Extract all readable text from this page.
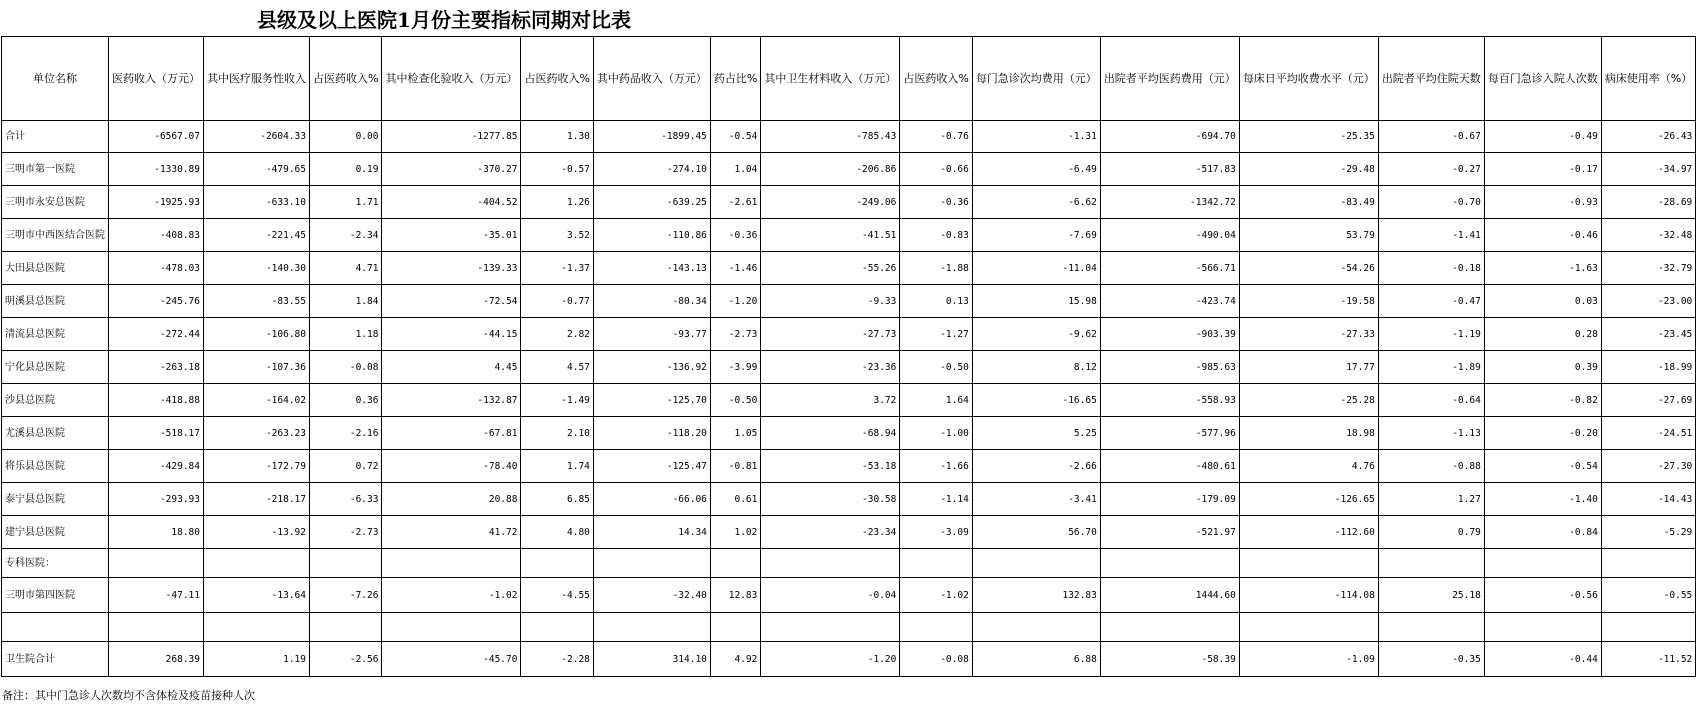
县级及以上医院1月份主要指标同期对比表
单位名称	医药收入（万元）	其中医疗服务性收入	占医药收入%	其中检查化验收入（万元）	占医药收入%	其中药品收入（万元）	药占比%	其中卫生材料收入（万元）	占医药收入%	每门急诊次均费用（元）	出院者平均医药费用（元）	每床日平均收费水平（元）	出院者平均住院天数	每百门急诊入院人次数	病床使用率（%）
合计	-6567.07	-2604.33	0.00	-1277.85	1.30	-1899.45	-0.54	-785.43	-0.76	-1.31	-694.70	-25.35	-0.67	-0.49	-26.43
三明市第一医院	-1330.89	-479.65	0.19	-370.27	-0.57	-274.10	1.04	-206.86	-0.66	-6.49	-517.83	-29.48	-0.27	-0.17	-34.97
三明市永安总医院	-1925.93	-633.10	1.71	-404.52	1.26	-639.25	-2.61	-249.06	-0.36	-6.62	-1342.72	-83.49	-0.70	-0.93	-28.69
三明市中西医结合医院	-408.83	-221.45	-2.34	-35.01	3.52	-110.86	-0.36	-41.51	-0.83	-7.69	-490.04	53.79	-1.41	-0.46	-32.48
大田县总医院	-478.03	-140.30	4.71	-139.33	-1.37	-143.13	-1.46	-55.26	-1.88	-11.04	-566.71	-54.26	-0.18	-1.63	-32.79
明溪县总医院	-245.76	-83.55	1.84	-72.54	-0.77	-80.34	-1.20	-9.33	0.13	15.98	-423.74	-19.58	-0.47	0.03	-23.00
清流县总医院	-272.44	-106.80	1.18	-44.15	2.82	-93.77	-2.73	-27.73	-1.27	-9.62	-903.39	-27.33	-1.19	0.28	-23.45
宁化县总医院	-263.18	-107.36	-0.08	4.45	4.57	-136.92	-3.99	-23.36	-0.50	8.12	-985.63	17.77	-1.89	0.39	-18.99
沙县总医院	-418.88	-164.02	0.36	-132.87	-1.49	-125.70	-0.50	3.72	1.64	-16.65	-558.93	-25.28	-0.64	-0.82	-27.69
尤溪县总医院	-518.17	-263.23	-2.16	-67.81	2.10	-118.20	1.05	-68.94	-1.00	5.25	-577.96	18.98	-1.13	-0.20	-24.51
将乐县总医院	-429.84	-172.79	0.72	-78.40	1.74	-125.47	-0.81	-53.18	-1.66	-2.66	-480.61	4.76	-0.88	-0.54	-27.30
泰宁县总医院	-293.93	-218.17	-6.33	20.88	6.85	-66.06	0.61	-30.58	-1.14	-3.41	-179.09	-126.65	1.27	-1.40	-14.43
建宁县总医院	18.80	-13.92	-2.73	41.72	4.80	14.34	1.02	-23.34	-3.09	56.70	-521.97	-112.60	0.79	-0.84	-5.29
专科医院：															
三明市第四医院	-47.11	-13.64	-7.26	-1.02	-4.55	-32.40	12.83	-0.04	-1.02	132.83	1444.60	-114.08	25.18	-0.56	-0.55

卫生院合计	268.39	1.19	-2.56	-45.70	-2.28	314.10	4.92	-1.20	-0.08	6.88	-58.39	-1.09	-0.35	-0.44	-11.52
备注：其中门急诊人次数均不含体检及疫苗接种人次
